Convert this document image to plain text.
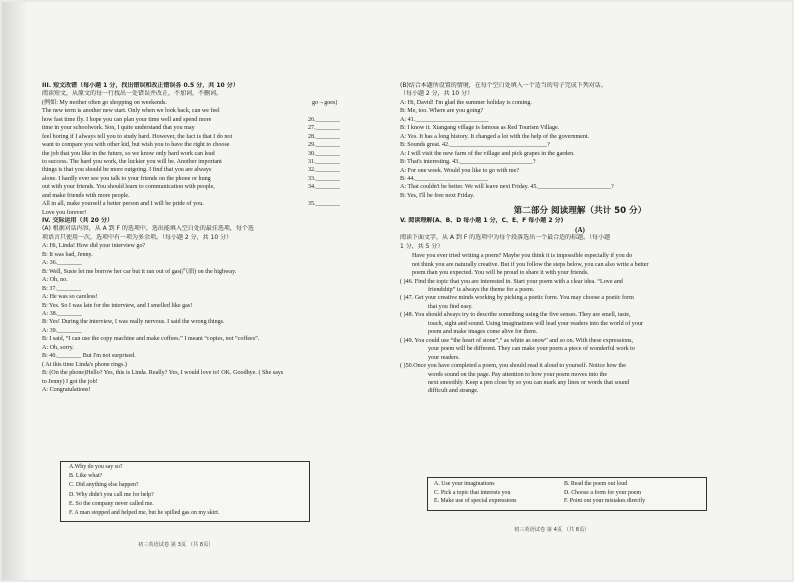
III. 短文改错（每小题 1 分，找出错误和改正错误各 0.5 分，共 10 分）
阅读短文，从原文的每一行找出一处错误并改正，不加词，不删词。
(例如: My mother often go shopping on weekends.	go→goes)
The new term is another new start. Only when we look back, can we feel
how fast time fly. I hope you can plan your time well and spend more	26.________
time in your schoolwork. Son, I quite understand that you may	27.________
feel boring if I always tell you to study hard. However, the fact is that I do not	28.________
want to compare you with other kid, but wish you to have the right to choose	29.________
the job that you like in the future, so we know only hard work can lead	30.________
to success. The hard you work, the luckier you will be. Another important	31.________
things is that you should be more outgoing. I find that you are always	32.________
alone. I hardly ever see you talk to your friends on the phone or hung	33.________
out with your friends. You should learn to communication with people,	34.________
and make friends with more people.
All in all, make yourself a better person and I will be pride of you.	35.________
Love you forever!
IV. 交际运用（共 20 分）
(A) 根据对话内容，从 A 到 F 的选项中，选出能填入空白处的最佳选项，每个选
项语言只使用一次。选项中有一项为多余项。（每小题 2 分，共 10 分）
A: Hi, Linda! How did your interview go?
B: It was bad, Jenny.
A: 36.________
B: Well, Susie let me borrow her car but it ran out of gas(汽油) on the highway.
A: Oh, no.
B: 37.________
A: He was so careless!
B: Yes. So I was late for the interview, and I smelled like gas!
A: 38.________
B: Yes! During the interview, I was really nervous. I said the wrong things.
A: 39.________
B: I said, “I can use the copy machine and make coffees.” I meant “copies, not “coffees”.
A: Oh, sorry.
B: 40.________ But I'm not surprised.
( At this time Linda's phone rings.)
B: (On the phone)Hello? Yes, this is Linda. Really? Yes, I would love to! OK. Goodbye. ( She says
to Jenny) I got the job!
A: Congratulations!
A.Why do you say so?
B. Like what?
C. Did anything else happen?
D. Why didn't you call me for help?
E. So the company never called me.
F. A man stopped and helped me, but he spilled gas on my skirt.
初三英语试卷 第 3页 （共 8页）
(B)结合本题所设置的情境，在每个空白处填入一个适当的句子完成下列对话。
（每小题 2 分，共 10 分）
A: Hi, David! I'm glad the summer holiday is coming.
B: Me, too. Where are you going?
A: 41.________________________
B: I know it. Xiangang village is famous as Red Tourism Village.
A: Yes. It has a long history. It changed a lot with the help of the government.
B: Sounds great. 42.________________________________?
A: I will visit the new farm of the village and pick grapes in the garden.
B: That's interesting. 43.________________________?
A: For one week. Would you like to go with me?
B: 44.________________________
A: That couldn't be better. We will leave next Friday. 45.________________________?
B: Yes, I'll be free next Friday.
第二部分 阅读理解（共计 50 分）
V. 阅读理解(A、B、D 每小题 1 分，C、E、F 每小题 2 分)
(A)
阅读下面文字，从 A 到 F 的选项中为每个段落选出一个最合适的标题。（每小题
1 分，共 5 分）
Have you ever tried writing a poem? Maybe you think it is impossible especially if you do
not think you are naturally creative. But if you follow the steps below, you can also write a better
poem than you expected. You will be proud to share it with your friends.
( )46. Find the topic that you are interested in. Start your poem with a clear idea. “Love and
friendship” is always the theme for a poem.
( )47. Get your creative minds working by picking a poetic form. You may choose a poetic form
that you find easy.
( )48. You should always try to describe something using the five senses. They are smell, taste,
touch, sight and sound. Using imaginations will lead your readers into the world of your
poem and make images come alive for them.
( )49. You could use “the heart of stone”,“ as white as snow” and so on. With these expressions,
your poem will be different. They can make your poem a piece of wonderful work to
your readers.
( )50.Once you have completed a poem, you should read it aloud to yourself. Notice how the
words sound on the page. Pay attention to how your poem moves into the
next smoothly. Keep a pen close by so you can mark any lines or words that sound
difficult and strange.
A. Use your imaginations	B. Read the poem out loud
C. Pick a topic that interests you	D. Choose a form for your poem
E. Make use of special expressions	F. Point out your mistakes directly
初三英语试卷 第 4页 （共 8页）
